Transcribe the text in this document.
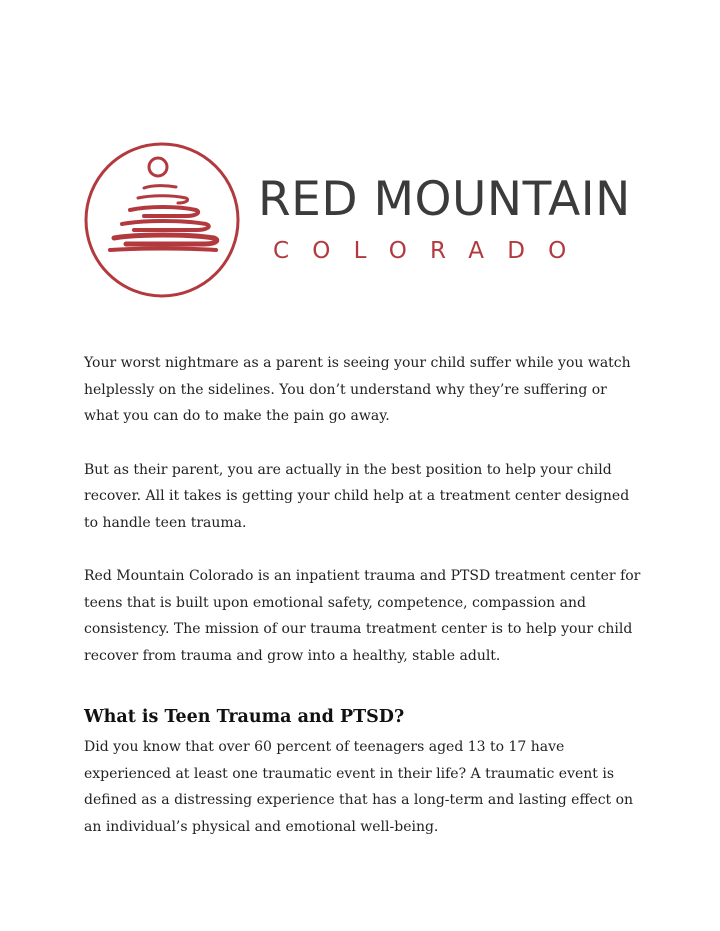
RED MOUNTAIN
COLORADO

Your worst nightmare as a parent is seeing your child suffer while you watch helplessly on the sidelines. You don’t understand why they’re suffering or what you can do to make the pain go away.

But as their parent, you are actually in the best position to help your child recover. All it takes is getting your child help at a treatment center designed to handle teen trauma.

Red Mountain Colorado is an inpatient trauma and PTSD treatment center for teens that is built upon emotional safety, competence, compassion and consistency. The mission of our trauma treatment center is to help your child recover from trauma and grow into a healthy, stable adult.

What is Teen Trauma and PTSD?

Did you know that over 60 percent of teenagers aged 13 to 17 have experienced at least one traumatic event in their life? A traumatic event is defined as a distressing experience that has a long-term and lasting effect on an individual’s physical and emotional well-being.
